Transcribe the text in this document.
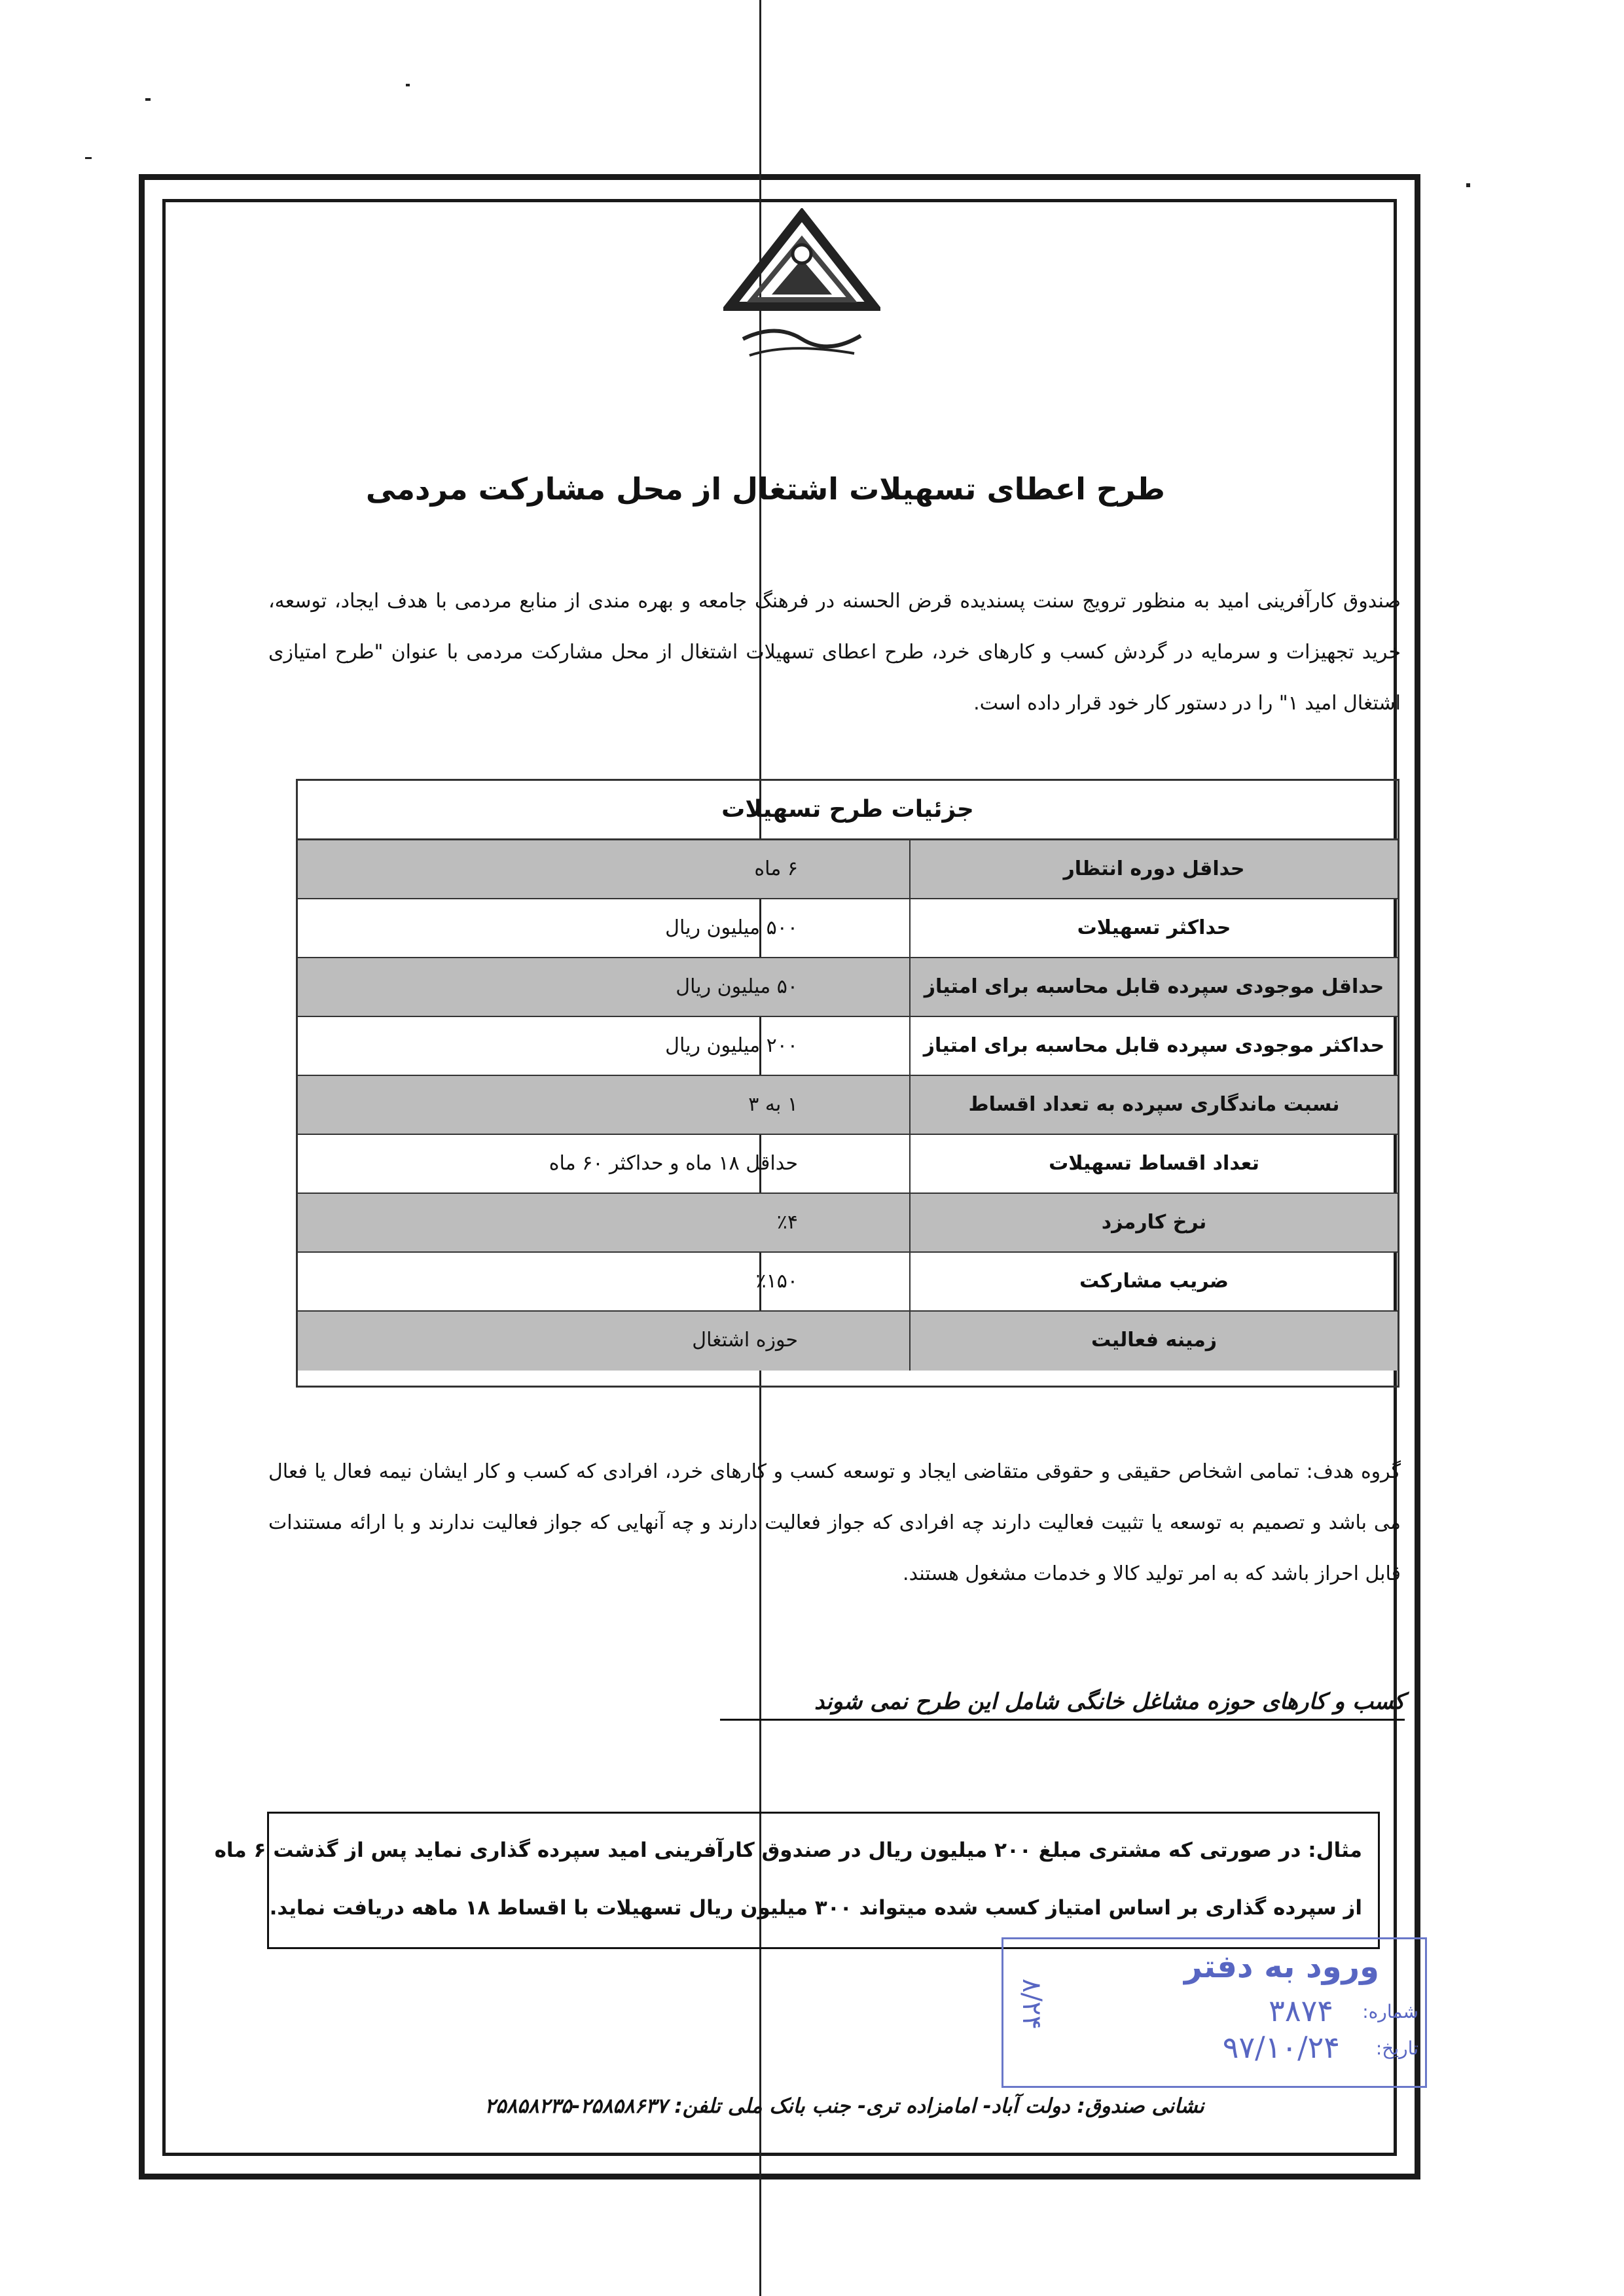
طرح اعطای تسهیلات اشتغال از محل مشارکت مردمی
صندوق کارآفرینی امید به منظور ترویج سنت پسندیده قرض الحسنه در فرهنگ جامعه و بهره مندی از منابع مردمی با هدف ایجاد، توسعه، خرید تجهیزات و سرمایه در گردش کسب و کارهای خرد، طرح اعطای تسهیلات اشتغال از محل مشارکت مردمی با عنوان "طرح امتیازی اشتغال امید ۱" را در دستور کار خود قرار داده است.
جزئیات طرح تسهیلات
حداقل دوره انتظار
۶ ماه
حداکثر تسهیلات
۵۰۰ میلیون ریال
حداقل موجودی سپرده قابل محاسبه برای امتیاز
۵۰ میلیون ریال
حداکثر موجودی سپرده قابل محاسبه برای امتیاز
۲۰۰ میلیون ریال
نسبت ماندگاری سپرده به تعداد اقساط
۱ به ۳
تعداد اقساط تسهیلات
حداقل ۱۸ ماه و حداکثر ۶۰ ماه
نرخ کارمزد
٪۴
ضریب مشارکت
٪۱۵۰
زمینه فعالیت
حوزه اشتغال
گروه هدف: تمامی اشخاص حقیقی و حقوقی متقاضی ایجاد و توسعه کسب و کارهای خرد، افرادی که کسب و کار ایشان نیمه فعال یا فعال می باشد و تصمیم به توسعه یا تثبیت فعالیت دارند چه افرادی که جواز فعالیت دارند و چه آنهایی که جواز فعالیت ندارند و با ارائه مستندات قابل احراز باشد که به امر تولید کالا و خدمات مشغول هستند.
کسب و کارهای حوزه مشاغل خانگی شامل این طرح نمی شوند
مثال: در صورتی که مشتری مبلغ ۲۰۰ میلیون ریال در صندوق کارآفرینی امید سپرده گذاری نماید پس از گذشت ۶ ماه
از سپرده گذاری بر اساس امتیاز کسب شده میتواند ۳۰۰ میلیون ریال تسهیلات با اقساط ۱۸ ماهه دریافت نماید.
ورود به دفتر
شماره:
۳۸۷۴
تاریخ:
۹۷/۱۰/۲۴
۸/۲۴
نشانی صندوق: دولت آباد- امامزاده تری- جنب بانک ملی تلفن: ۲۵۸۵۸۶۳۷-۲۵۸۵۸۲۳۵
